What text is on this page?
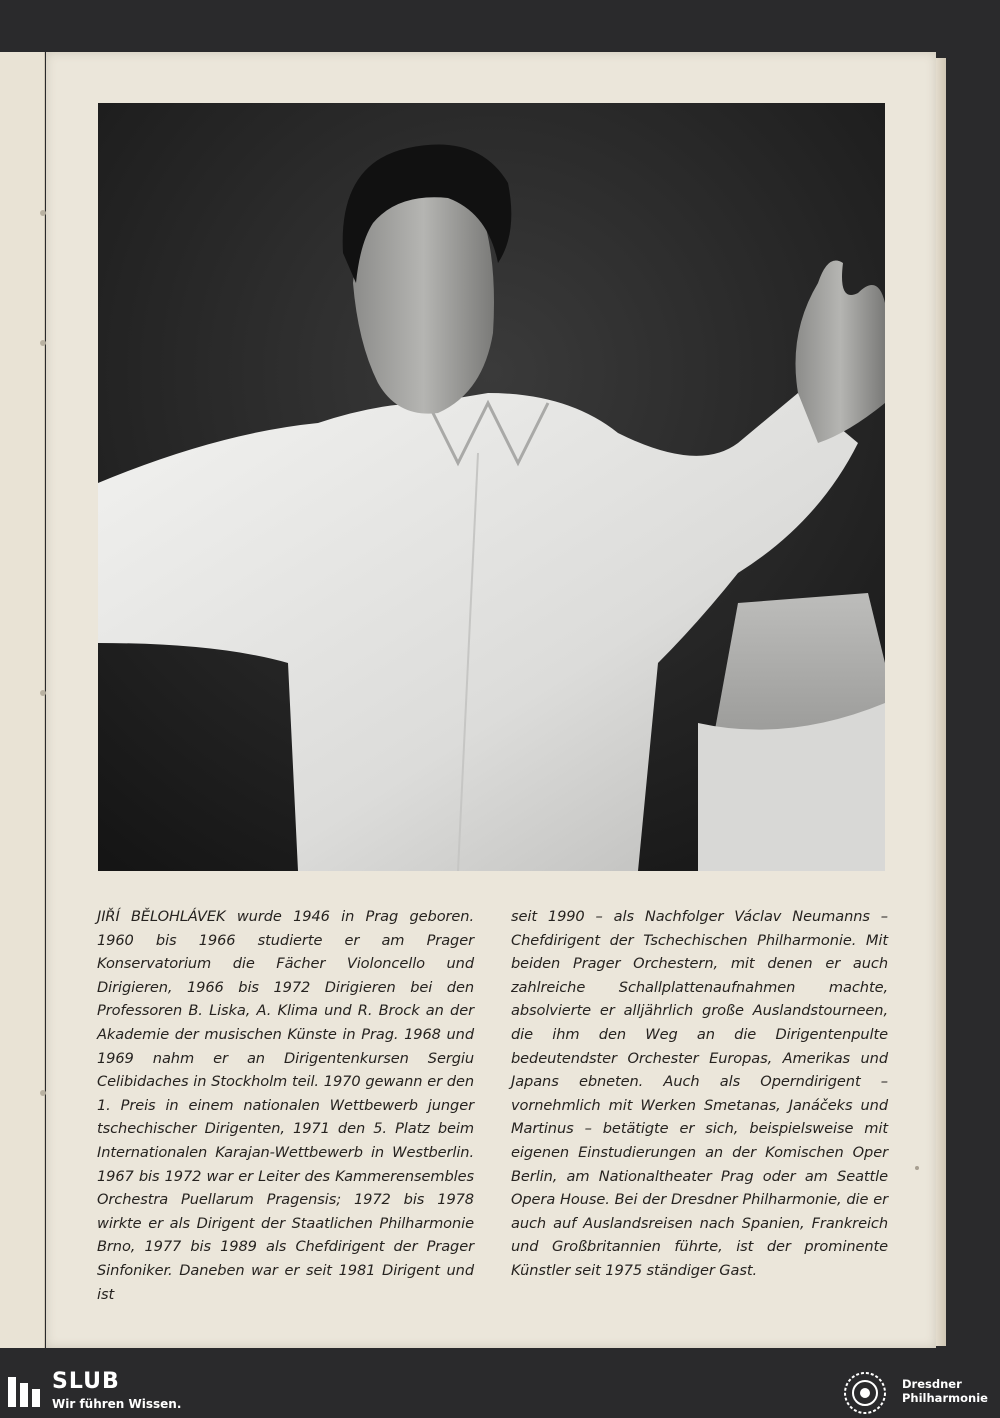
JIŘÍ BĚLOHLÁVEK wurde 1946 in Prag geboren. 1960 bis 1966 studierte er am Prager Konservatorium die Fächer Violoncello und Dirigieren, 1966 bis 1972 Dirigieren bei den Professoren B. Liska, A. Klima und R. Brock an der Akademie der musischen Künste in Prag. 1968 und 1969 nahm er an Dirigentenkursen Sergiu Celibidaches in Stockholm teil. 1970 gewann er den 1. Preis in einem nationalen Wettbewerb junger tschechischer Dirigenten, 1971 den 5. Platz beim Internationalen Karajan-Wettbewerb in Westberlin. 1967 bis 1972 war er Leiter des Kammerensembles Orchestra Puellarum Pragensis; 1972 bis 1978 wirkte er als Dirigent der Staatlichen Philharmonie Brno, 1977 bis 1989 als Chefdirigent der Prager Sinfoniker. Daneben war er seit 1981 Dirigent und ist
seit 1990 – als Nachfolger Václav Neumanns – Chefdirigent der Tschechischen Philharmonie. Mit beiden Prager Orchestern, mit denen er auch zahlreiche Schallplattenaufnahmen machte, absolvierte er alljährlich große Auslandstourneen, die ihm den Weg an die Dirigentenpulte bedeutendster Orchester Europas, Amerikas und Japans ebneten. Auch als Operndirigent – vornehmlich mit Werken Smetanas, Janáčeks und Martinus – betätigte er sich, beispielsweise mit eigenen Einstudierungen an der Komischen Oper Berlin, am Nationaltheater Prag oder am Seattle Opera House. Bei der Dresdner Philharmonie, die er auch auf Auslandsreisen nach Spanien, Frankreich und Großbritannien führte, ist der prominente Künstler seit 1975 ständiger Gast.
SLUB
Wir führen Wissen.
Dresdner
Philharmonie
